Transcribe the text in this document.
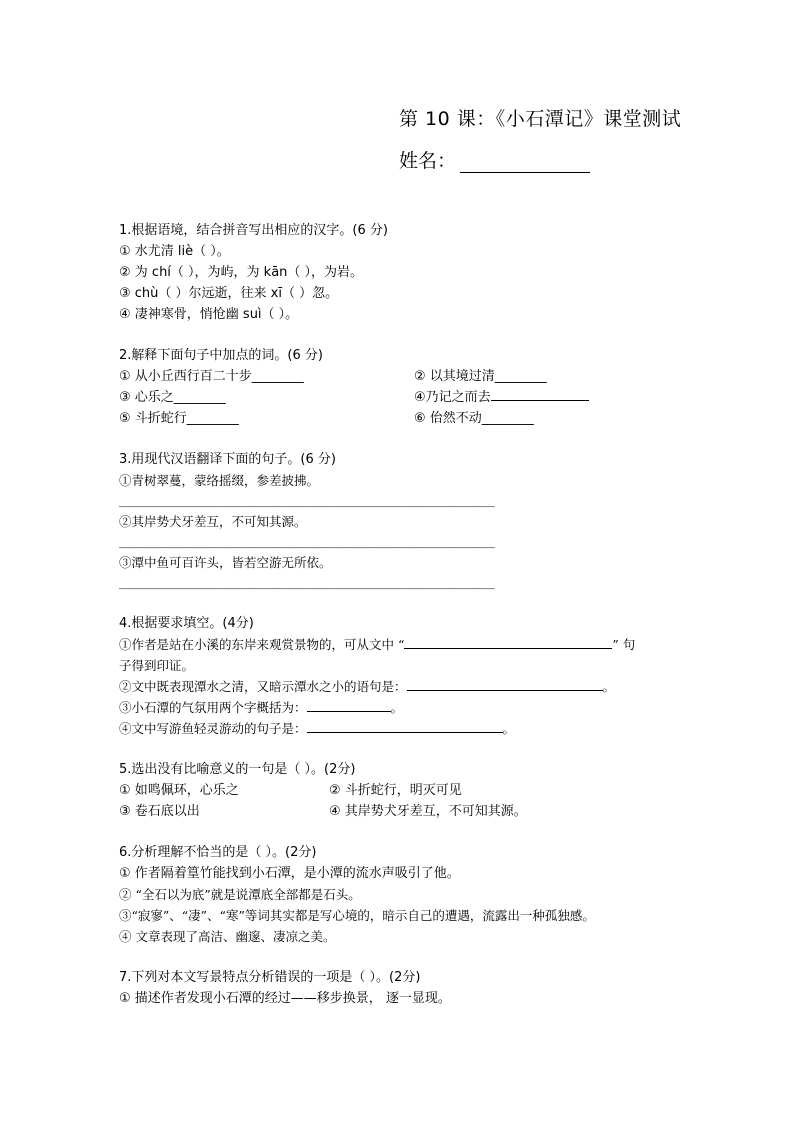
第 10 课：《小石潭记》课堂测试
姓名：
1.根据语境，结合拼音写出相应的汉字。(6 分)
① 水尤清 liè（ ）。
② 为 chí（ ），为屿，为 kān（ ），为岩。
③ chù（ ）尔远逝，往来 xī（ ）忽。
④ 凄神寒骨，悄怆幽 suì（ ）。
2.解释下面句子中加点的词。(6 分)
① 从小丘西行百二十步________	② 以其境过清________
③ 心乐之________	④乃记之而去
⑤ 斗折蛇行________	⑥ 佁然不动________
3.用现代汉语翻译下面的句子。(6 分)
①青树翠蔓，蒙络摇缀，参差披拂。
________________________________________________
②其岸势犬牙差互，不可知其源。
________________________________________________
③潭中鱼可百许头，皆若空游无所依。
________________________________________________
4.根据要求填空。(4分)
①作者是站在小溪的东岸来观赏景物的，可从文中 “	” 句
子得到印证。
②文中既表现潭水之清，又暗示潭水之小的语句是：	。
③小石潭的气氛用两个字概括为：	。
④文中写游鱼轻灵游动的句子是：	。
5.选出没有比喻意义的一句是（ ）。(2分)
① 如鸣佩环，心乐之	② 斗折蛇行，明灭可见
③ 卷石底以出	④ 其岸势犬牙差互，不可知其源。
6.分析理解不恰当的是（ ）。(2分)
① 作者隔着篁竹能找到小石潭，是小潭的流水声吸引了他。
② “全石以为底”就是说潭底全部都是石头。
③“寂寥”、“凄”、“寒”等词其实都是写心境的，暗示自己的遭遇，流露出一种孤独感。
④ 文章表现了高洁、幽邃、凄凉之美。
7.下列对本文写景特点分析错误的一项是（ ）。(2分)
① 描述作者发现小石潭的经过——移步换景， 逐一显现。
